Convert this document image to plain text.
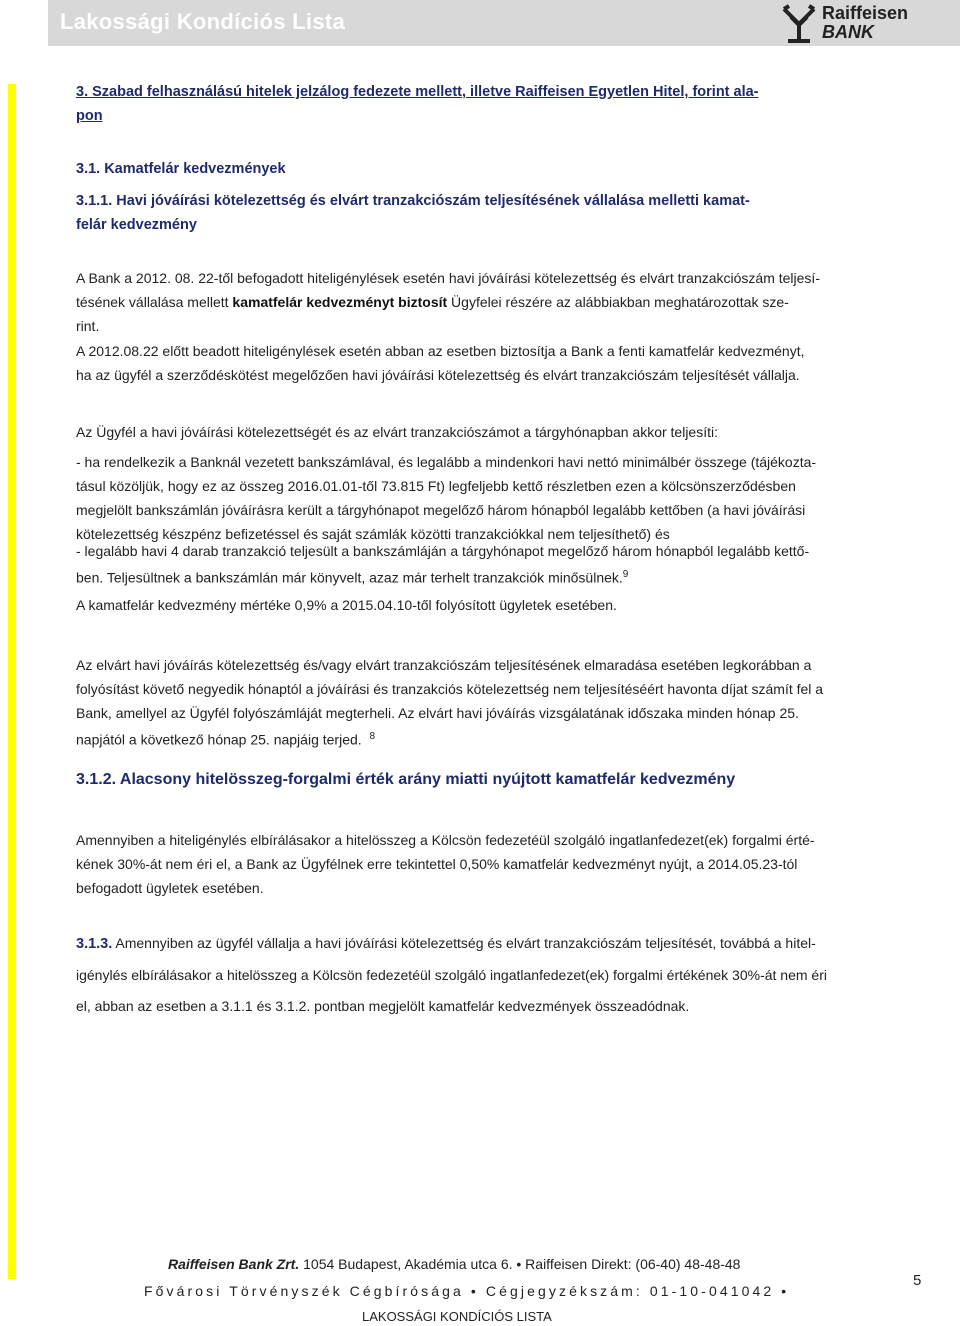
Lakossági Kondíciós Lista	Raiffeisen
BANK
3. Szabad felhasználású hitelek jelzálog fedezete mellett, illetve Raiffeisen Egyetlen Hitel, forint ala-
pon
3.1. Kamatfelár kedvezmények
3.1.1. Havi jóváírási kötelezettség és elvárt tranzakciószám teljesítésének vállalása melletti kamat-
felár kedvezmény
A Bank a 2012. 08. 22-től befogadott hiteligénylések esetén havi jóváírási kötelezettség és elvárt tranzakciószám teljesí-
tésének vállalása mellett kamatfelár kedvezményt biztosít Ügyfelei részére az alábbiakban meghatározottak sze-
rint.
A 2012.08.22 előtt beadott hiteligénylések esetén abban az esetben biztosítja a Bank a fenti kamatfelár kedvezményt,
ha az ügyfél a szerződéskötést megelőzően havi jóváírási kötelezettség és elvárt tranzakciószám teljesítését vállalja.
Az Ügyfél a havi jóváírási kötelezettségét és az elvárt tranzakciószámot a tárgyhónapban akkor teljesíti:
- ha rendelkezik a Banknál vezetett bankszámlával, és legalább a mindenkori havi nettó minimálbér összege (tájékozta-
tásul közöljük, hogy ez az összeg 2016.01.01-től 73.815 Ft) legfeljebb kettő részletben ezen a kölcsönszerződésben
megjelölt bankszámlán jóváírásra került a tárgyhónapot megelőző három hónapból legalább kettőben (a havi jóváírási
kötelezettség készpénz befizetéssel és saját számlák közötti tranzakciókkal nem teljesíthető) és
- legalább havi 4 darab tranzakció teljesült a bankszámláján a tárgyhónapot megelőző három hónapból legalább kettő-
ben. Teljesültnek a bankszámlán már könyvelt, azaz már terhelt tranzakciók minősülnek.$^9$
A kamatfelár kedvezmény mértéke 0,9% a 2015.04.10-től folyósított ügyletek esetében.
Az elvárt havi jóváírás kötelezettség és/vagy elvárt tranzakciószám teljesítésének elmaradása esetében legkorábban a
folyósítást követő negyedik hónaptól a jóváírási és tranzakciós kötelezettség nem teljesítéséért havonta díjat számít fel a
Bank, amellyel az Ügyfél folyószámláját megterheli. Az elvárt havi jóváírás vizsgálatának időszaka minden hónap 25.
napjától a következő hónap 25. napjáig terjed. $^8$
3.1.2. Alacsony hitelösszeg-forgalmi érték arány miatti nyújtott kamatfelár kedvezmény
Amennyiben a hiteligénylés elbírálásakor a hitelösszeg a Kölcsön fedezetéül szolgáló ingatlanfedezet(ek) forgalmi érté-
kének 30%-át nem éri el, a Bank az Ügyfélnek erre tekintettel 0,50% kamatfelár kedvezményt nyújt, a 2014.05.23-tól
befogadott ügyletek esetében.
3.1.3. Amennyiben az ügyfél vállalja a havi jóváírási kötelezettség és elvárt tranzakciószám teljesítését, továbbá a hitel-
igénylés elbírálásakor a hitelösszeg a Kölcsön fedezetéül szolgáló ingatlanfedezet(ek) forgalmi értékének 30%-át nem éri
el, abban az esetben a 3.1.1 és 3.1.2. pontban megjelölt kamatfelár kedvezmények összeadódnak.
Raiffeisen Bank Zrt. 1054 Budapest, Akadémia utca 6. • Raiffeisen Direkt: (06-40) 48-48-48
Fővárosi Törvényszék Cégbírósága • Cégjegyzékszám: 01-10-041042 •
LAKOSSÁGI KONDÍCIÓS LISTA
5
